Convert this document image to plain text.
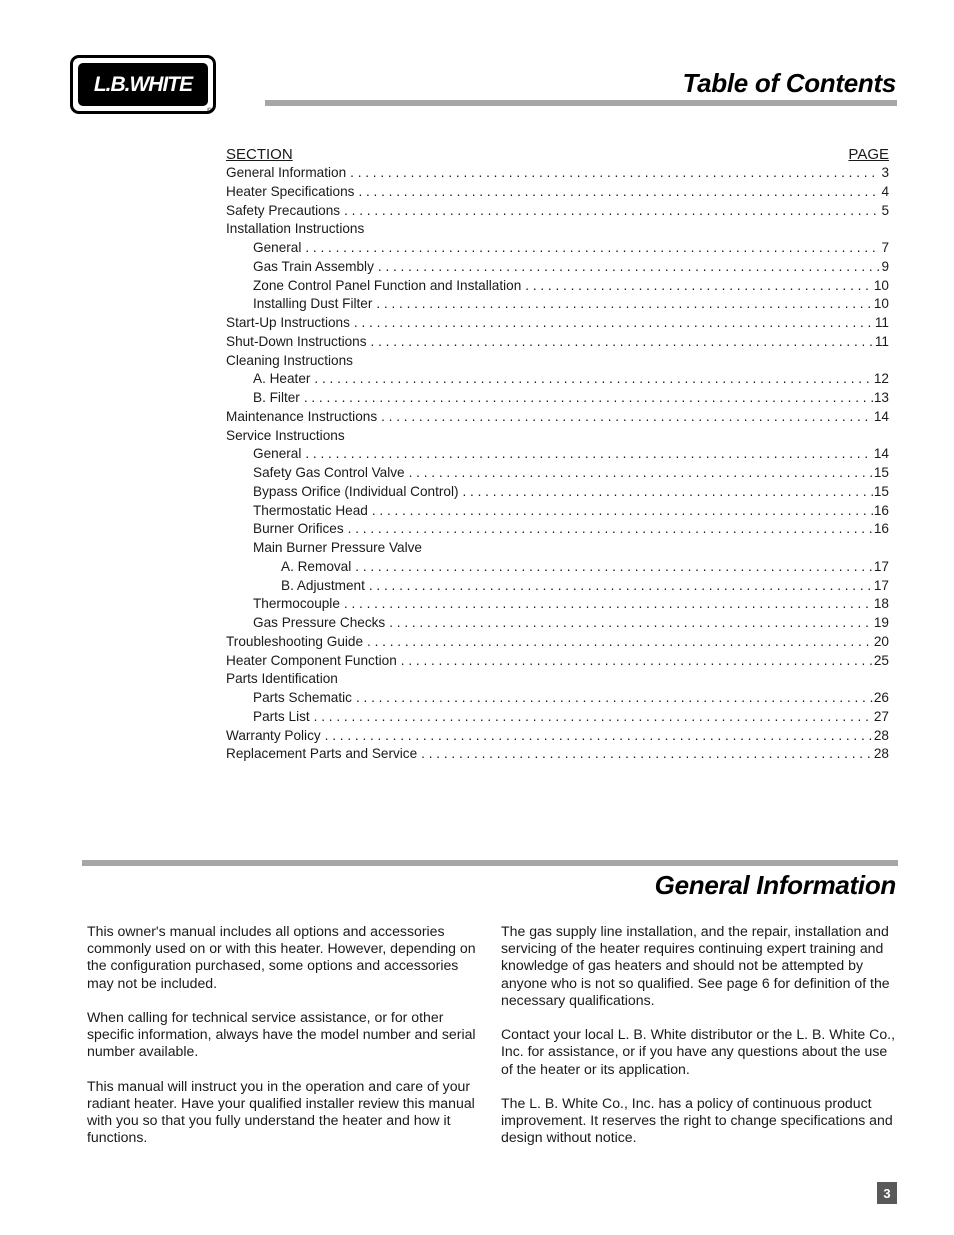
L.B.WHITE
®
Table of Contents
SECTION	PAGE
General Information . . .	3
Heater Specifications . . .	4
Safety Precautions . . .	5
Installation Instructions
General . . .	7
Gas Train Assembly . . .	9
Zone Control Panel Function and Installation . . .	10
Installing Dust Filter . . .	10
Start-Up Instructions . . .	11
Shut-Down Instructions . . .	11
Cleaning Instructions
A. Heater . . .	12
B. Filter . . .	13
Maintenance Instructions . . .	14
Service Instructions
General . . .	14
Safety Gas Control Valve . . .	15
Bypass Orifice (Individual Control) . . .	15
Thermostatic Head . . .	16
Burner Orifices . . .	16
Main Burner Pressure Valve
A. Removal . . .	17
B. Adjustment . . .	17
Thermocouple . . .	18
Gas Pressure Checks . . .	19
Troubleshooting Guide . . .	20
Heater Component Function . . .	25
Parts Identification
Parts Schematic . . .	26
Parts List . . .	27
Warranty Policy . . .	28
Replacement Parts and Service . . .	28
General Information

This owner's manual includes all options and accessories commonly used on or with this heater. However, depending on the configuration purchased, some options and accessories may not be included.

When calling for technical service assistance, or for other specific information, always have the model number and serial number available.

This manual will instruct you in the operation and care of your radiant heater. Have your qualified installer review this manual with you so that you fully understand the heater and how it functions.

The gas supply line installation, and the repair, installation and servicing of the heater requires continuing expert training and knowledge of gas heaters and should not be attempted by anyone who is not so qualified. See page 6 for definition of the necessary qualifications.

Contact your local L. B. White distributor or the L. B. White Co., Inc. for assistance, or if you have any questions about the use of the heater or its application.

The L. B. White Co., Inc. has a policy of continuous product improvement. It reserves the right to change specifications and design without notice.

3
